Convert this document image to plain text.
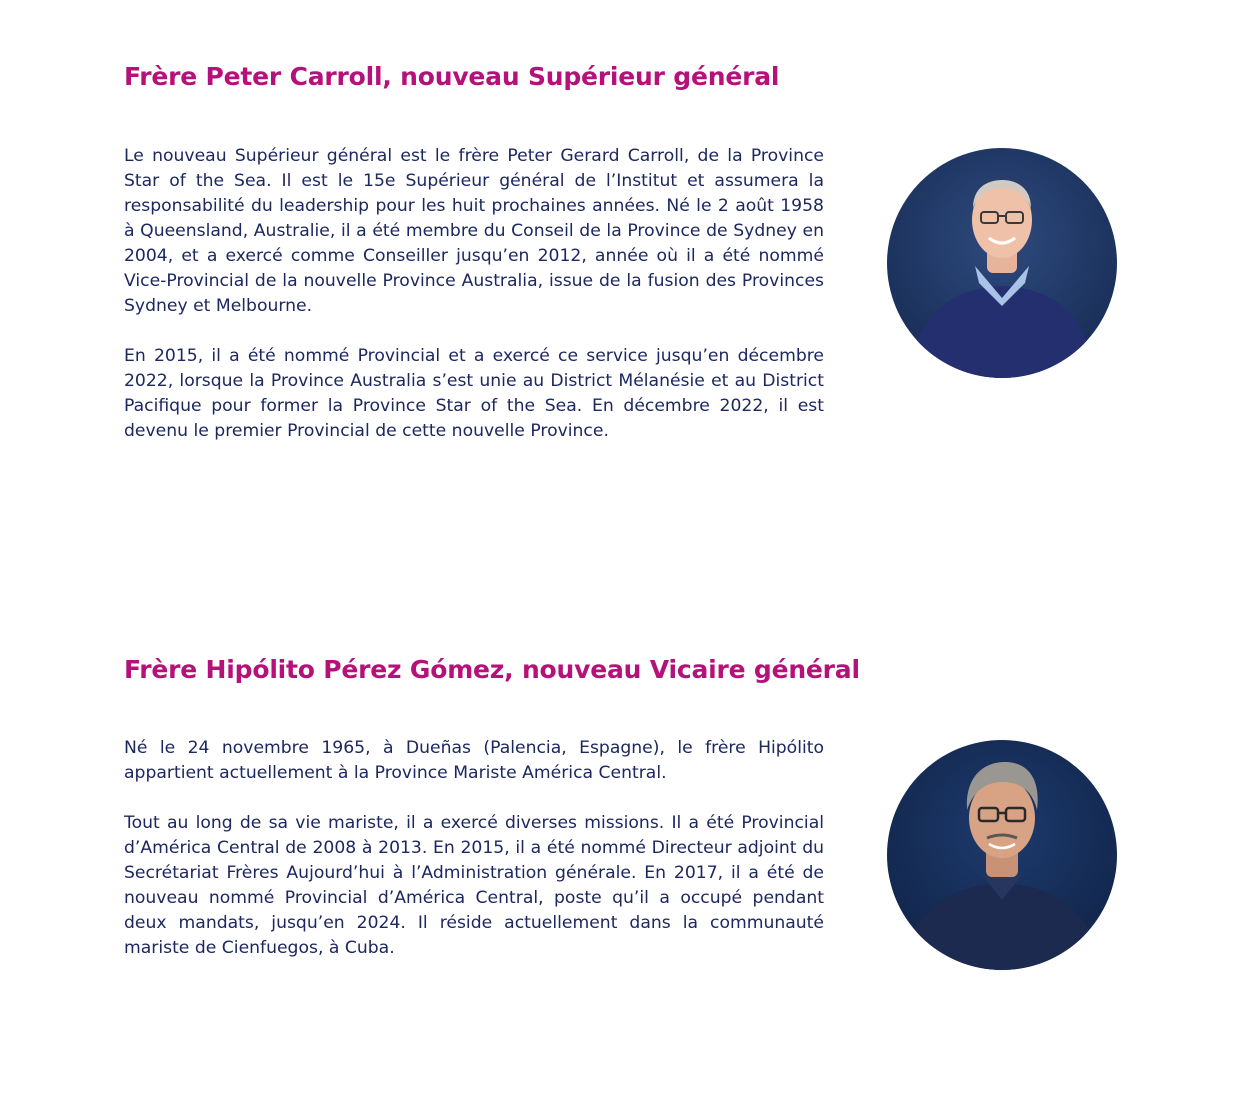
Frère Peter Carroll, nouveau Supérieur général

Le nouveau Supérieur général est le frère Peter Gerard Carroll, de la Province Star of the Sea. Il est le 15e Supérieur général de l’Institut et assumera la responsabilité du leadership pour les huit prochaines années. Né le 2 août 1958 à Queensland, Australie, il a été membre du Conseil de la Province de Sydney en 2004, et a exercé comme Conseiller jusqu’en 2012, année où il a été nommé Vice-Provincial de la nouvelle Province Australia, issue de la fusion des Provinces Sydney et Melbourne.

En 2015, il a été nommé Provincial et a exercé ce service jusqu’en décembre 2022, lorsque la Province Australia s’est unie au District Mélanésie et au District Pacifique pour former la Province Star of the Sea. En décembre 2022, il est devenu le premier Provincial de cette nouvelle Province.

Frère Hipólito Pérez Gómez, nouveau Vicaire général

Né le 24 novembre 1965, à Dueñas (Palencia, Espagne), le frère Hipólito appartient actuellement à la Province Mariste América Central.

Tout au long de sa vie mariste, il a exercé diverses missions. Il a été Provincial d’América Central de 2008 à 2013. En 2015, il a été nommé Directeur adjoint du Secrétariat Frères Aujourd’hui à l’Administration générale. En 2017, il a été de nouveau nommé Provincial d’América Central, poste qu’il a occupé pendant deux mandats, jusqu’en 2024. Il réside actuellement dans la communauté mariste de Cienfuegos, à Cuba.
